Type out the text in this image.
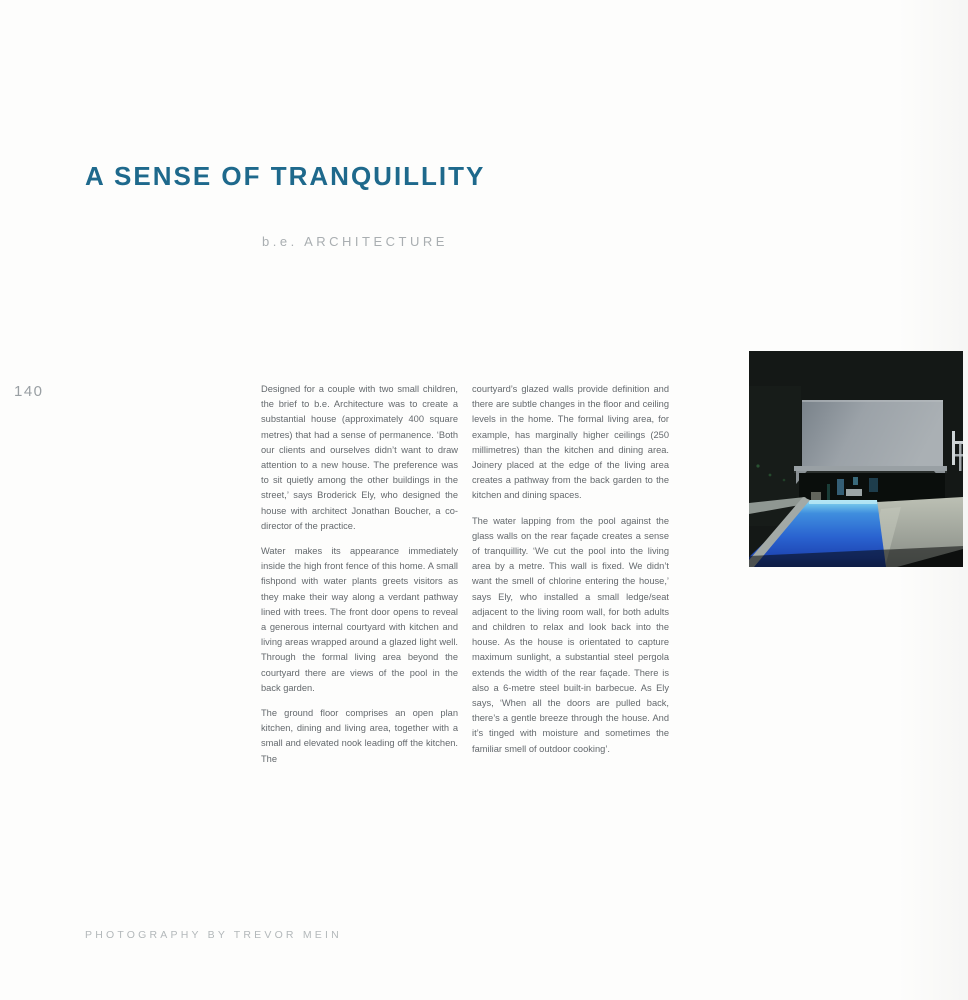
A SENSE OF TRANQUILLITY
b.e. ARCHITECTURE
140	Designed for a couple with two small children, the brief to b.e. Architecture was to create a substantial house (approximately 400 square metres) that had a sense of permanence. ‘Both our clients and ourselves didn’t want to draw attention to a new house. The preference was to sit quietly among the other buildings in the street,’ says Broderick Ely, who designed the house with architect Jonathan Boucher, a co-director of the practice.

Water makes its appearance immediately inside the high front fence of this home. A small fishpond with water plants greets visitors as they make their way along a verdant pathway lined with trees. The front door opens to reveal a generous internal courtyard with kitchen and living areas wrapped around a glazed light well. Through the formal living area beyond the courtyard there are views of the pool in the back garden.

The ground floor comprises an open plan kitchen, dining and living area, together with a small and elevated nook leading off the kitchen. The

courtyard’s glazed walls provide definition and there are subtle changes in the floor and ceiling levels in the home. The formal living area, for example, has marginally higher ceilings (250 millimetres) than the kitchen and dining area. Joinery placed at the edge of the living area creates a pathway from the back garden to the kitchen and dining spaces.

The water lapping from the pool against the glass walls on the rear façade creates a sense of tranquillity. ‘We cut the pool into the living area by a metre. This wall is fixed. We didn’t want the smell of chlorine entering the house,’ says Ely, who installed a small ledge/seat adjacent to the living room wall, for both adults and children to relax and look back into the house. As the house is orientated to capture maximum sunlight, a substantial steel pergola extends the width of the rear façade. There is also a 6-metre steel built-in barbecue. As Ely says, ‘When all the doors are pulled back, there’s a gentle breeze through the house. And it’s tinged with moisture and sometimes the familiar smell of outdoor cooking’.

PHOTOGRAPHY BY TREVOR MEIN
